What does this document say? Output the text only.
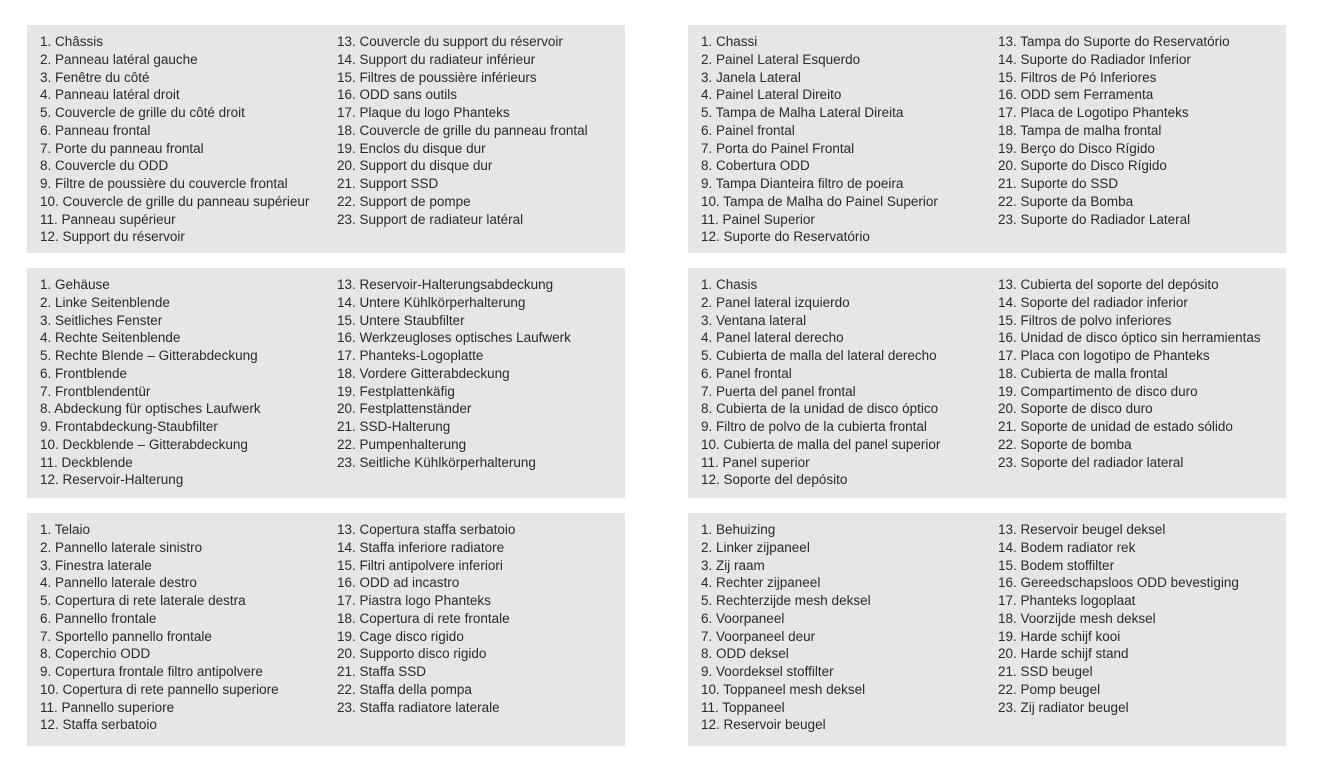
1. Châssis
2. Panneau latéral gauche
3. Fenêtre du côté
4. Panneau latéral droit
5. Couvercle de grille du côté droit
6. Panneau frontal
7. Porte du panneau frontal
8. Couvercle du ODD
9. Filtre de poussière du couvercle frontal
10. Couvercle de grille du panneau supérieur
11. Panneau supérieur
12. Support du réservoir
13. Couvercle du support du réservoir
14. Support du radiateur inférieur
15. Filtres de poussière inférieurs
16. ODD sans outils
17. Plaque du logo Phanteks
18. Couvercle de grille du panneau frontal
19. Enclos du disque dur
20. Support du disque dur
21. Support SSD
22. Support de pompe
23. Support de radiateur latéral
1. Chassi
2. Painel Lateral Esquerdo
3. Janela Lateral
4. Painel Lateral Direito
5. Tampa de Malha Lateral Direita
6. Painel frontal
7. Porta do Painel Frontal
8. Cobertura ODD
9. Tampa Dianteira filtro de poeira
10. Tampa de Malha do Painel Superior
11. Painel Superior
12. Suporte do Reservatório
13. Tampa do Suporte do Reservatório
14. Suporte do Radiador Inferior
15. Filtros de Pó Inferiores
16. ODD sem Ferramenta
17. Placa de Logotipo Phanteks
18. Tampa de malha frontal
19. Berço do Disco Rígido
20. Suporte do Disco Rígido
21. Suporte do SSD
22. Suporte da Bomba
23. Suporte do Radiador Lateral
1. Gehäuse
2. Linke Seitenblende
3. Seitliches Fenster
4. Rechte Seitenblende
5. Rechte Blende – Gitterabdeckung
6. Frontblende
7. Frontblendentür
8. Abdeckung für optisches Laufwerk
9. Frontabdeckung-Staubfilter
10. Deckblende – Gitterabdeckung
11. Deckblende
12. Reservoir-Halterung
13. Reservoir-Halterungsabdeckung
14. Untere Kühlkörperhalterung
15. Untere Staubfilter
16. Werkzeugloses optisches Laufwerk
17. Phanteks-Logoplatte
18. Vordere Gitterabdeckung
19. Festplattenkäfig
20. Festplattenständer
21. SSD-Halterung
22. Pumpenhalterung
23. Seitliche Kühlkörperhalterung
1. Chasis
2. Panel lateral izquierdo
3. Ventana lateral
4. Panel lateral derecho
5. Cubierta de malla del lateral derecho
6. Panel frontal
7. Puerta del panel frontal
8. Cubierta de la unidad de disco óptico
9. Filtro de polvo de la cubierta frontal
10. Cubierta de malla del panel superior
11. Panel superior
12. Soporte del depósito
13. Cubierta del soporte del depósito
14. Soporte del radiador inferior
15. Filtros de polvo inferiores
16. Unidad de disco óptico sin herramientas
17. Placa con logotipo de Phanteks
18. Cubierta de malla frontal
19. Compartimento de disco duro
20. Soporte de disco duro
21. Soporte de unidad de estado sólido
22. Soporte de bomba
23. Soporte del radiador lateral
1. Telaio
2. Pannello laterale sinistro
3. Finestra laterale
4. Pannello laterale destro
5. Copertura di rete laterale destra
6. Pannello frontale
7. Sportello pannello frontale
8. Coperchio ODD
9. Copertura frontale filtro antipolvere
10. Copertura di rete pannello superiore
11. Pannello superiore
12. Staffa serbatoio
13. Copertura staffa serbatoio
14. Staffa inferiore radiatore
15. Filtri antipolvere inferiori
16. ODD ad incastro
17. Piastra logo Phanteks
18. Copertura di rete frontale
19. Cage disco rigido
20. Supporto disco rigido
21. Staffa SSD
22. Staffa della pompa
23. Staffa radiatore laterale
1. Behuizing
2. Linker zijpaneel
3. Zij raam
4. Rechter zijpaneel
5. Rechterzijde mesh deksel
6. Voorpaneel
7. Voorpaneel deur
8. ODD deksel
9. Voordeksel stoffilter
10. Toppaneel mesh deksel
11. Toppaneel
12. Reservoir beugel
13. Reservoir beugel deksel
14. Bodem radiator rek
15. Bodem stoffilter
16. Gereedschapsloos ODD bevestiging
17. Phanteks logoplaat
18. Voorzijde mesh deksel
19. Harde schijf kooi
20. Harde schijf stand
21. SSD beugel
22. Pomp beugel
23. Zij radiator beugel
